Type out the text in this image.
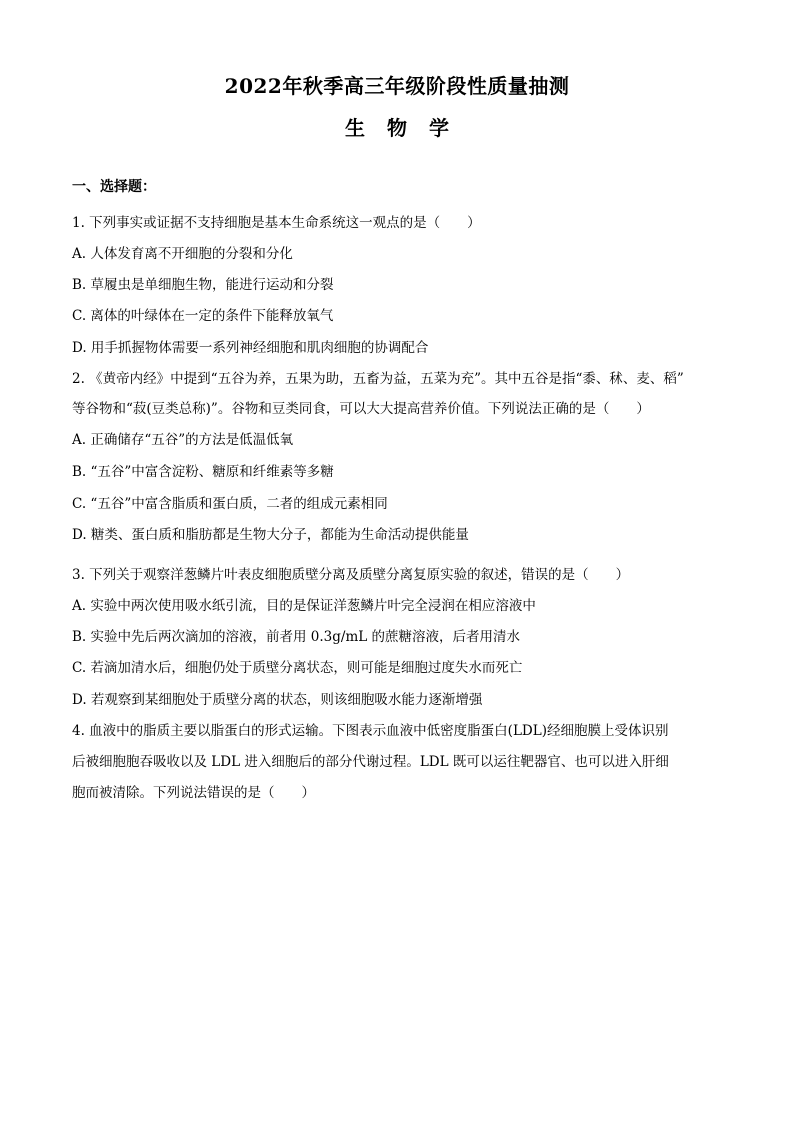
2022年秋季高三年级阶段性质量抽测
生物学
一、选择题：
1. 下列事实或证据不支持细胞是基本生命系统这一观点的是（　　）
A. 人体发育离不开细胞的分裂和分化
B. 草履虫是单细胞生物，能进行运动和分裂
C. 离体的叶绿体在一定的条件下能释放氧气
D. 用手抓握物体需要一系列神经细胞和肌肉细胞的协调配合
2. 《黄帝内经》中提到“五谷为养，五果为助，五畜为益，五菜为充”。其中五谷是指“黍、秫、麦、稻”
等谷物和“菽(豆类总称)”。谷物和豆类同食，可以大大提高营养价值。下列说法正确的是（　　）
A. 正确储存“五谷”的方法是低温低氧
B. “五谷”中富含淀粉、糖原和纤维素等多糖
C. “五谷”中富含脂质和蛋白质，二者的组成元素相同
D. 糖类、蛋白质和脂肪都是生物大分子，都能为生命活动提供能量
3. 下列关于观察洋葱鳞片叶表皮细胞质壁分离及质壁分离复原实验的叙述，错误的是（　　）
A. 实验中两次使用吸水纸引流，目的是保证洋葱鳞片叶完全浸润在相应溶液中
B. 实验中先后两次滴加的溶液，前者用 0.3g/mL 的蔗糖溶液，后者用清水
C. 若滴加清水后，细胞仍处于质壁分离状态，则可能是细胞过度失水而死亡
D. 若观察到某细胞处于质壁分离的状态，则该细胞吸水能力逐渐增强
4. 血液中的脂质主要以脂蛋白的形式运输。下图表示血液中低密度脂蛋白(LDL)经细胞膜上受体识别
后被细胞胞吞吸收以及 LDL 进入细胞后的部分代谢过程。LDL 既可以运往靶器官、也可以进入肝细
胞而被清除。下列说法错误的是（　　）
